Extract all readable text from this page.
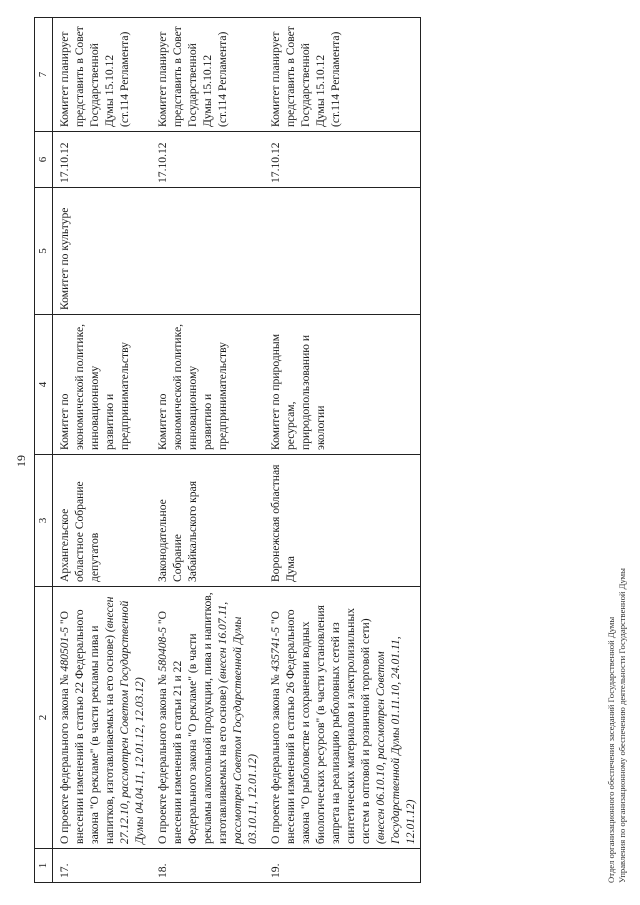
19
1	2	3	4	5	6	7
17.	О проекте федерального закона № 480501-5 "О внесении изменений в статью 22 Федерального закона "О рекламе" (в части рекламы пива и напитков, изготавливаемых на его основе) (внесен 27.12.10, рассмотрен Советом Государственной Думы 04.04.11, 12.01.12, 12.03.12)	Архангельское областное Собрание депутатов	Комитет по экономической политике, инновационному развитию и предпринимательству	Комитет по культуре	17.10.12	Комитет планирует представить в Совет Государственной Думы 15.10.12 (ст.114 Регламента)
18.	О проекте федерального закона № 580408-5 "О внесении изменений в статьи 21 и 22 Федерального закона "О рекламе" (в части рекламы алкогольной продукции, пива и напитков, изготавливаемых на его основе) (внесен 16.07.11, рассмотрен Советом Государственной Думы 03.10.11, 12.01.12)	Законодательное Собрание Забайкальского края	Комитет по экономической политике, инновационному развитию и предпринимательству		17.10.12	Комитет планирует представить в Совет Государственной Думы 15.10.12 (ст.114 Регламента)
19.	О проекте федерального закона № 435741-5 "О внесении изменений в статью 26 Федерального закона "О рыболовстве и сохранении водных биологических ресурсов" (в части установления запрета на реализацию рыболовных сетей из синтетических материалов и электролизильных систем в оптовой и розничной торговой сети) (внесен 06.10.10, рассмотрен Советом Государственной Думы 01.11.10, 24.01.11, 12.01.12)	Воронежская областная Дума	Комитет по природным ресурсам, природопользованию и экологии		17.10.12	Комитет планирует представить в Совет Государственной Думы 15.10.12 (ст.114 Регламента)
Отдел организационного обеспечения заседаний Государственной Думы Управления по организационному обеспечению деятельности Государственной Думы
